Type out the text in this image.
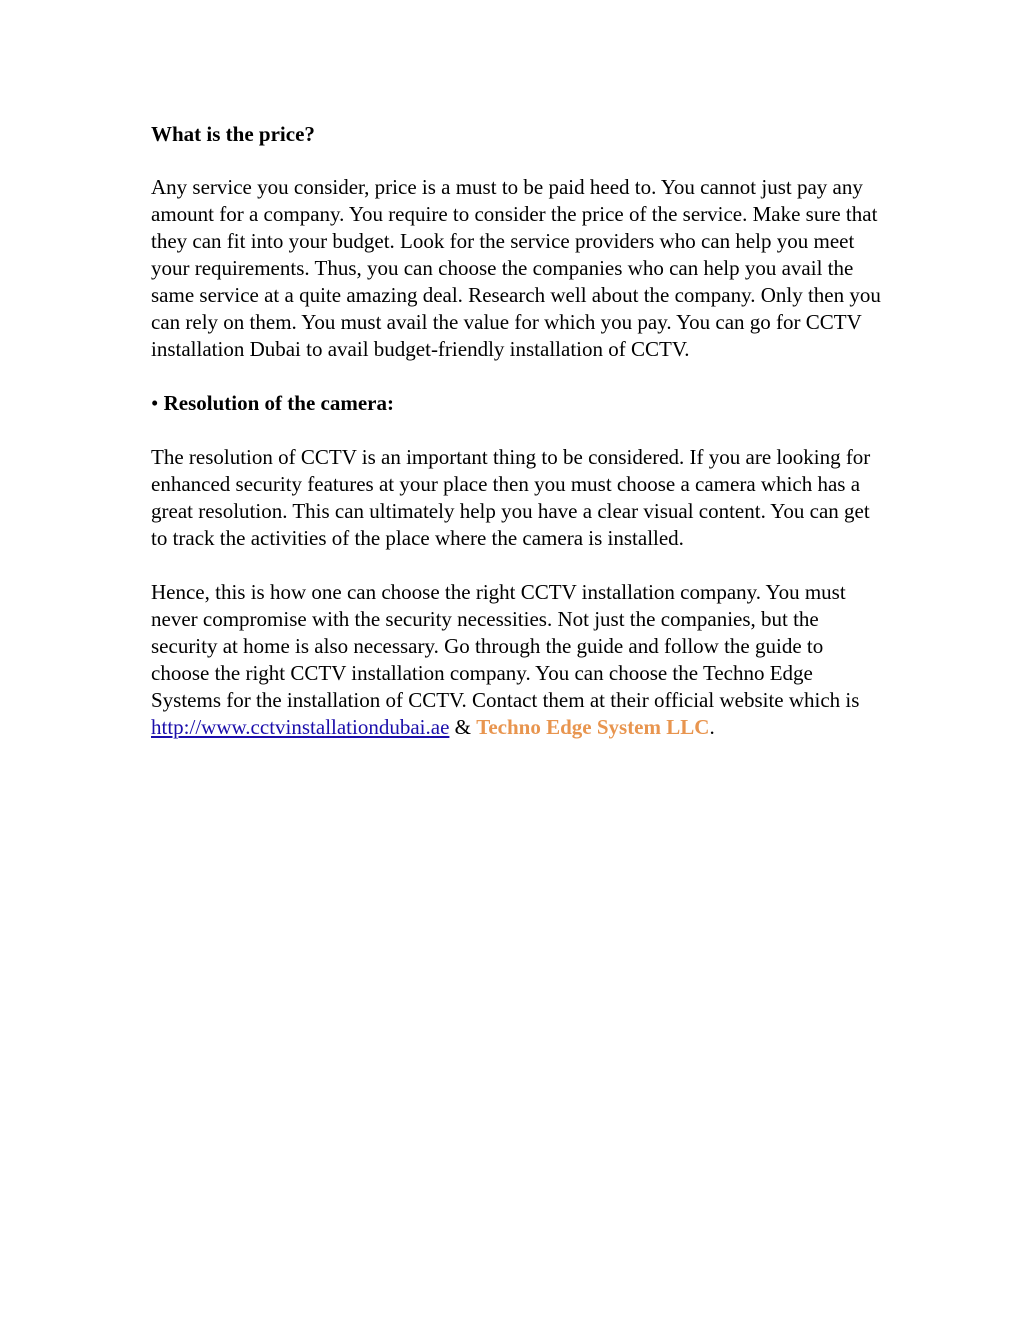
What is the price?

Any service you consider, price is a must to be paid heed to. You cannot just pay any amount for a company. You require to consider the price of the service. Make sure that they can fit into your budget. Look for the service providers who can help you meet your requirements. Thus, you can choose the companies who can help you avail the same service at a quite amazing deal. Research well about the company. Only then you can rely on them. You must avail the value for which you pay. You can go for CCTV installation Dubai to avail budget-friendly installation of CCTV.

• Resolution of the camera:

The resolution of CCTV is an important thing to be considered. If you are looking for enhanced security features at your place then you must choose a camera which has a great resolution. This can ultimately help you have a clear visual content. You can get to track the activities of the place where the camera is installed.

Hence, this is how one can choose the right CCTV installation company. You must never compromise with the security necessities. Not just the companies, but the security at home is also necessary. Go through the guide and follow the guide to choose the right CCTV installation company. You can choose the Techno Edge Systems for the installation of CCTV. Contact them at their official website which is http://www.cctvinstallationdubai.ae & Techno Edge System LLC.
